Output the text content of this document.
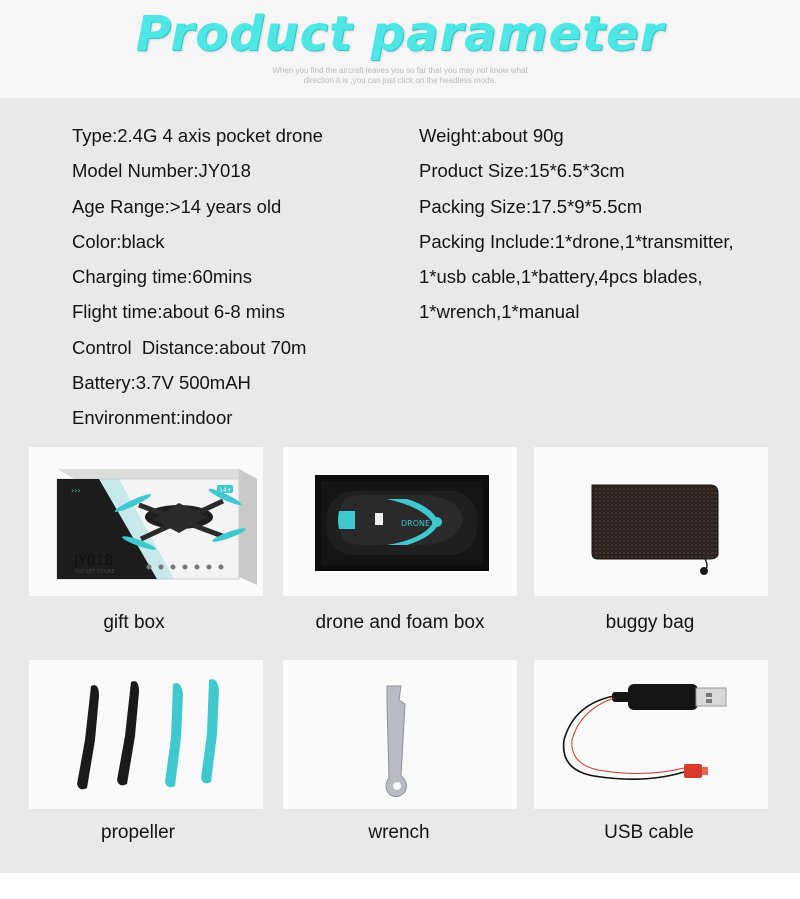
Product parameter
When you find the aircraft leaves you so far that you may not know what
direction it is ,you can just click on the headless mode.
Type:2.4G 4 axis pocket drone
Model Number:JY018
Age Range:>14 years old
Color:black
Charging time:60mins
Flight time:about 6-8 mins
Control  Distance:about 70m
Battery:3.7V 500mAH
Environment:indoor
Weight:about 90g
Product Size:15*6.5*3cm
Packing Size:17.5*9*5.5cm
Packing Include:1*drone,1*transmitter,
1*usb cable,1*battery,4pcs blades,
1*wrench,1*manual
›››	14+
JY018
POCKET DRONE
gift box
DRONE
drone and foam box	buggy bag
propeller	wrench	USB cable
